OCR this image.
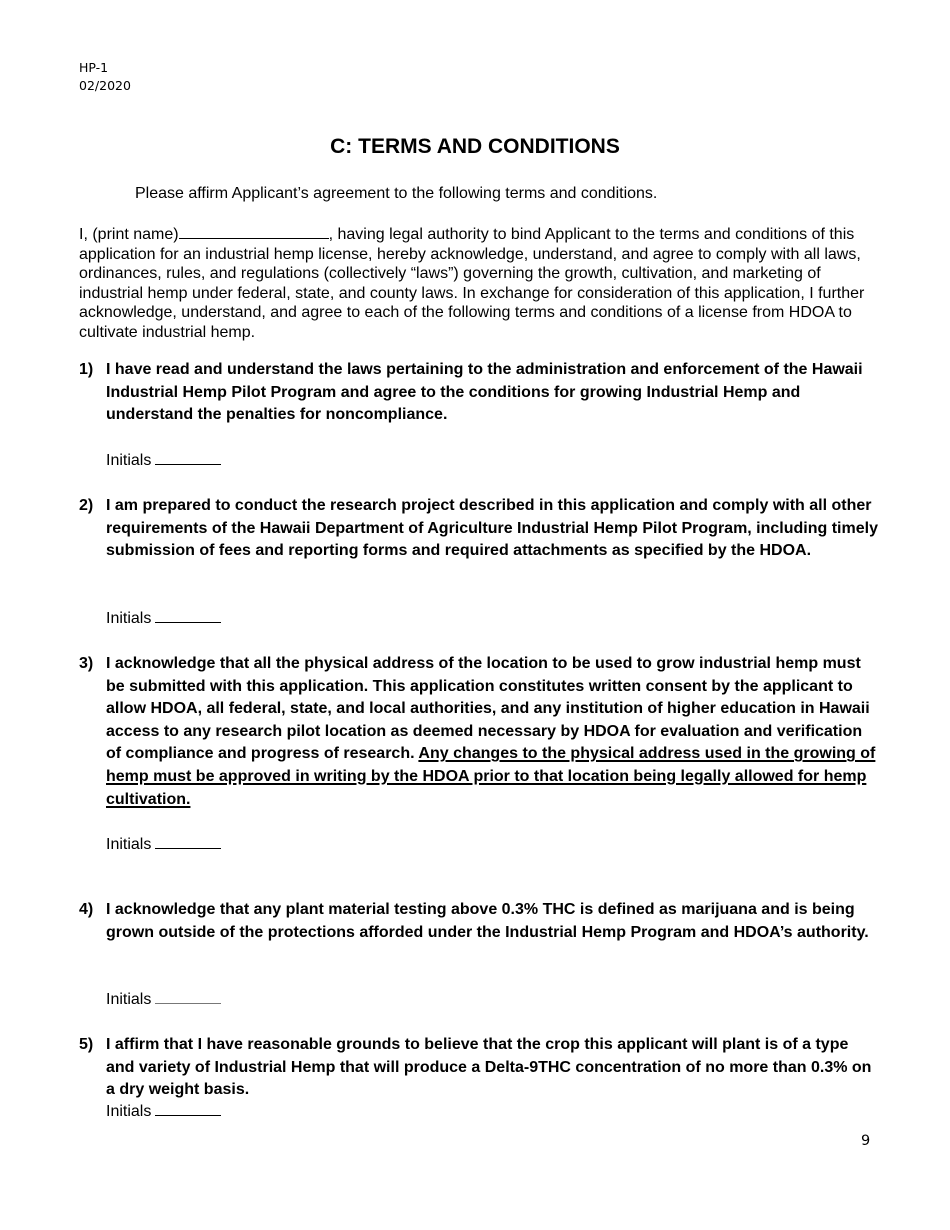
HP-1
02/2020
C: TERMS AND CONDITIONS
Please affirm Applicant’s agreement to the following terms and conditions.
I, (print name)	, having legal authority to bind Applicant to the terms and conditions of this application for an industrial hemp license, hereby acknowledge, understand, and agree to comply with all laws, ordinances, rules, and regulations (collectively “laws”) governing the growth, cultivation, and marketing of industrial hemp under federal, state, and county laws. In exchange for consideration of this application, I further acknowledge, understand, and agree to each of the following terms and conditions of a license from HDOA to cultivate industrial hemp.
1) I have read and understand the laws pertaining to the administration and enforcement of the Hawaii Industrial Hemp Pilot Program and agree to the conditions for growing Industrial Hemp and understand the penalties for noncompliance.
Initials
2) I am prepared to conduct the research project described in this application and comply with all other requirements of the Hawaii Department of Agriculture Industrial Hemp Pilot Program, including timely submission of fees and reporting forms and required attachments as specified by the HDOA.
Initials
3) I acknowledge that all the physical address of the location to be used to grow industrial hemp must be submitted with this application. This application constitutes written consent by the applicant to allow HDOA, all federal, state, and local authorities, and any institution of higher education in Hawaii access to any research pilot location as deemed necessary by HDOA for evaluation and verification of compliance and progress of research. Any changes to the physical address used in the growing of hemp must be approved in writing by the HDOA prior to that location being legally allowed for hemp cultivation.
Initials
4) I acknowledge that any plant material testing above 0.3% THC is defined as marijuana and is being grown outside of the protections afforded under the Industrial Hemp Program and HDOA’s authority.
Initials
5) I affirm that I have reasonable grounds to believe that the crop this applicant will plant is of a type and variety of Industrial Hemp that will produce a Delta-9THC concentration of no more than 0.3% on a dry weight basis.
Initials
9
